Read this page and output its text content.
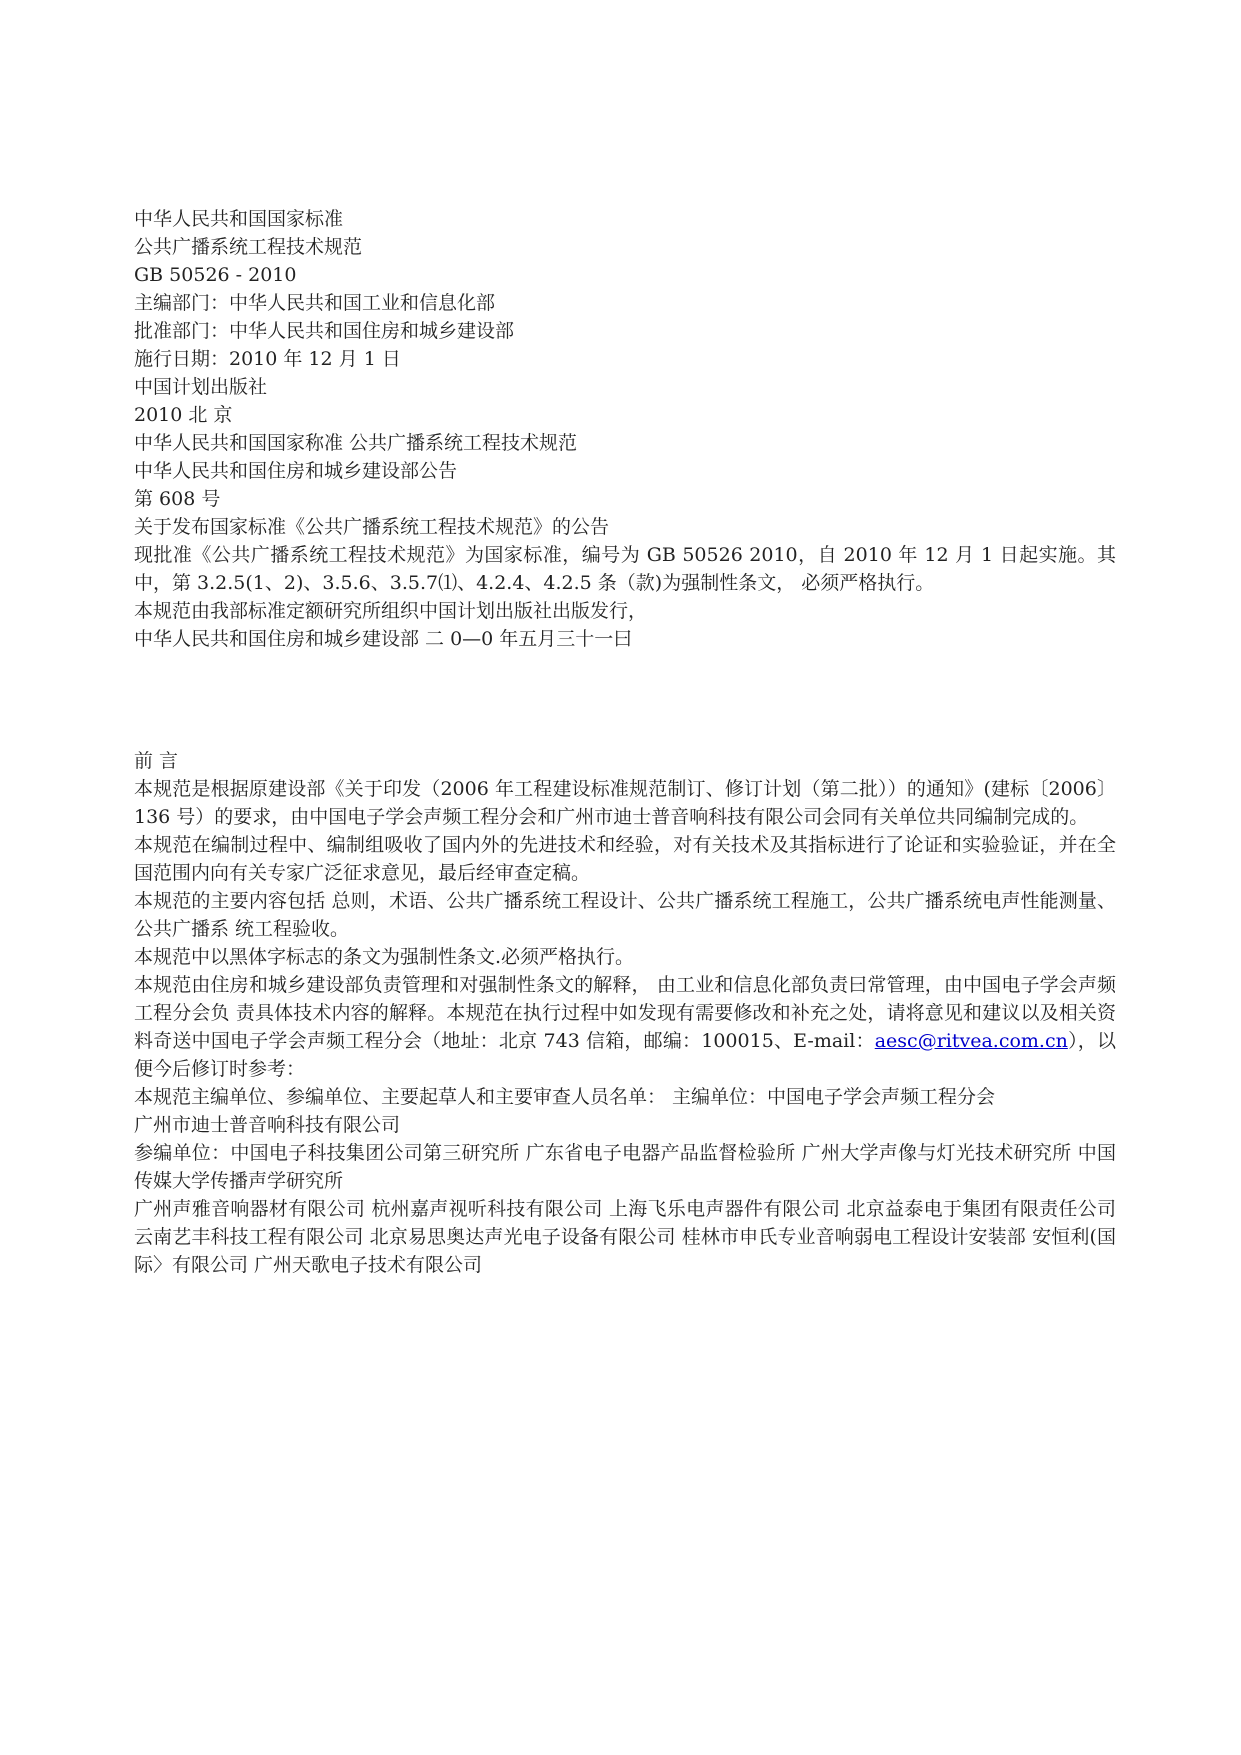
中华人民共和国国家标准
公共广播系统工程技术规范
GB 50526 - 2010
主编部门：中华人民共和国工业和信息化部
批准部门：中华人民共和国住房和城乡建设部
施行日期：2010 年 12 月 1 日
中国计划出版社
2010 北 京
中华人民共和国国家称准 公共广播系统工程技术规范
中华人民共和国住房和城乡建设部公告
第 608 号
关于发布国家标准《公共广播系统工程技术规范》的公告
现批准《公共广播系统工程技术规范》为国家标准，编号为 GB 50526 2010，自 2010 年 12 月 1 日起实施。其中，第 3.2.5(1、2)、3.5.6、3.5.7⑴、4.2.4、4.2.5 条（款)为强制性条文， 必须严格执行。
本规范由我部标准定额研究所组织中国计划出版社出版发行，
中华人民共和国住房和城乡建设部 二 0—0 年五月三十一曰
前 言
本规范是根据原建设部《关于印发（2006 年工程建设标准规范制订、修订计划（第二批））的通知》(建标〔2006〕136 号）的要求，由中国电子学会声频工程分会和广州市迪士普音响科技有限公司会同有关单位共同编制完成的。
本规范在编制过程中、编制组吸收了国内外的先进技术和经验，对有关技术及其指标进行了论证和实验验证，并在全国范围内向有关专家广泛征求意见，最后经审查定稿。
本规范的主要内容包括 总则，术语、公共广播系统工程设计、公共广播系统工程施工，公共广播系统电声性能测量、公共广播系 统工程验收。
本规范中以黑体字标志的条文为强制性条文.必须严格执行。
本规范由住房和城乡建设部负责管理和对强制性条文的解释， 由工业和信息化部负责曰常管理，由中国电子学会声频工程分会负 责具体技术内容的解释。本规范在执行过程中如发现有需要修改和补充之处，请将意见和建议以及相关资料奇送中国电子学会声频工程分会（地址：北京 743 信箱，邮编：100015、E-mail：aesc@ritvea.com.cn），以便今后修订时参考：
本规范主编单位、参编单位、主要起草人和主要审查人员名单： 主编单位：中国电子学会声频工程分会
广州市迪士普音响科技有限公司
参编单位：中国电子科技集团公司第三研究所 广东省电子电器产品监督检验所 广州大学声像与灯光技术研究所 中国传媒大学传播声学研究所
广州声雅音响器材有限公司 杭州嘉声视听科技有限公司 上海飞乐电声器件有限公司 北京益泰电于集团有限责任公司 云南艺丰科技工程有限公司 北京易思奥达声光电子设备有限公司 桂林市申氏专业音响弱电工程设计安装部 安恒利(国际〉有限公司 广州天歌电子技术有限公司
